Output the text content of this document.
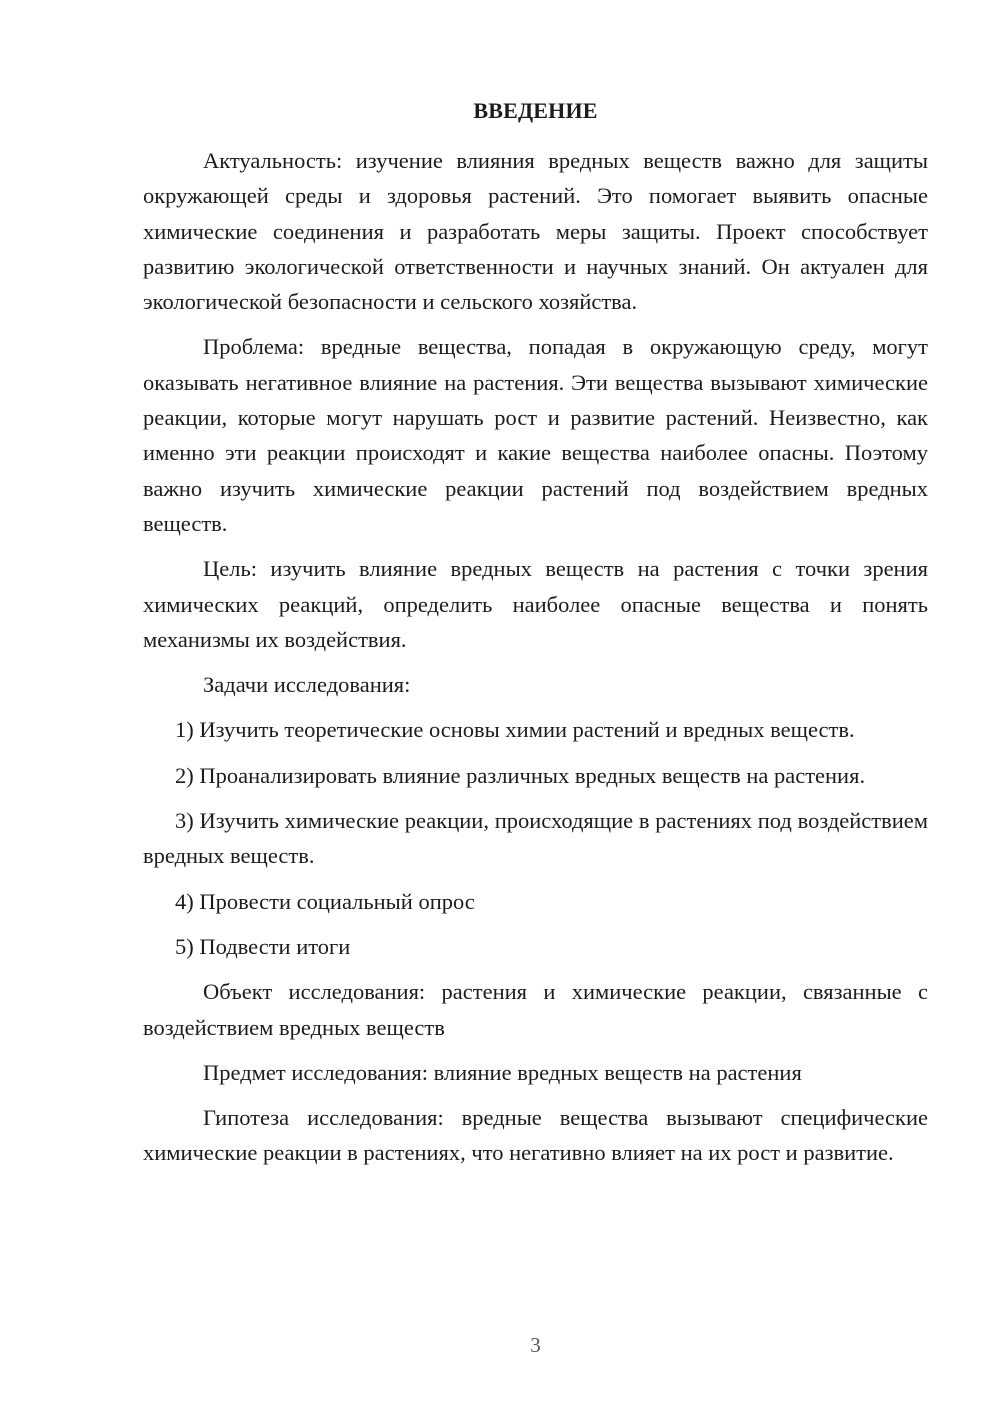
ВВЕДЕНИЕ

Актуальность: изучение влияния вредных веществ важно для защиты окружающей среды и здоровья растений. Это помогает выявить опасные химические соединения и разработать меры защиты. Проект способствует развитию экологической ответственности и научных знаний. Он актуален для экологической безопасности и сельского хозяйства.

Проблема: вредные вещества, попадая в окружающую среду, могут оказывать негативное влияние на растения. Эти вещества вызывают химические реакции, которые могут нарушать рост и развитие растений. Неизвестно, как именно эти реакции происходят и какие вещества наиболее опасны. Поэтому важно изучить химические реакции растений под воздействием вредных веществ.

Цель: изучить влияние вредных веществ на растения с точки зрения химических реакций, определить наиболее опасные вещества и понять механизмы их воздействия.

Задачи исследования:

1) Изучить теоретические основы химии растений и вредных веществ.

2) Проанализировать влияние различных вредных веществ на растения.

3) Изучить химические реакции, происходящие в растениях под воздействием вредных веществ.

4) Провести социальный опрос

5) Подвести итоги

Объект исследования: растения и химические реакции, связанные с воздействием вредных веществ

Предмет исследования: влияние вредных веществ на растения

Гипотеза исследования: вредные вещества вызывают специфические химические реакции в растениях, что негативно влияет на их рост и развитие.

3
